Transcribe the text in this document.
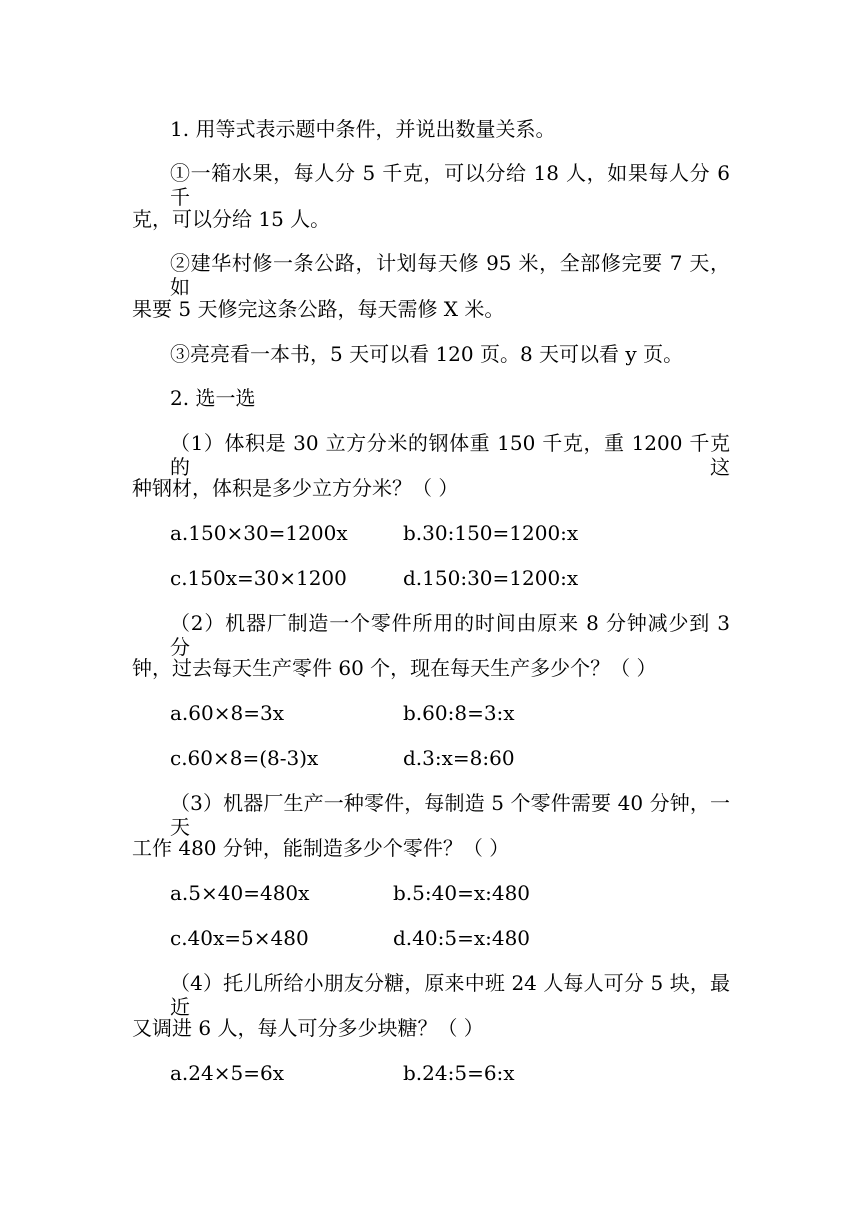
1. 用等式表示题中条件，并说出数量关系。
①一箱水果，每人分 5 千克，可以分给 18 人，如果每人分 6 千
克，可以分给 15 人。
②建华村修一条公路，计划每天修 95 米，全部修完要 7 天，如
果要 5 天修完这条公路，每天需修 X 米。
③亮亮看一本书，5 天可以看 120 页。8 天可以看 y 页。
2. 选一选
（1）体积是 30 立方分米的钢体重 150 千克，重 1200 千克的这
种钢材，体积是多少立方分米？（ ）
a.150×30=1200x	b.30:150=1200:x
c.150x=30×1200	d.150:30=1200:x
（2）机器厂制造一个零件所用的时间由原来 8 分钟减少到 3 分
钟，过去每天生产零件 60 个，现在每天生产多少个？（ ）
a.60×8=3x	b.60:8=3:x
c.60×8=(8-3)x	d.3:x=8:60
（3）机器厂生产一种零件，每制造 5 个零件需要 40 分钟，一天
工作 480 分钟，能制造多少个零件？（ ）
a.5×40=480x	b.5:40=x:480
c.40x=5×480	d.40:5=x:480
（4）托儿所给小朋友分糖，原来中班 24 人每人可分 5 块，最近
又调进 6 人，每人可分多少块糖？（ ）
a.24×5=6x	b.24:5=6:x
